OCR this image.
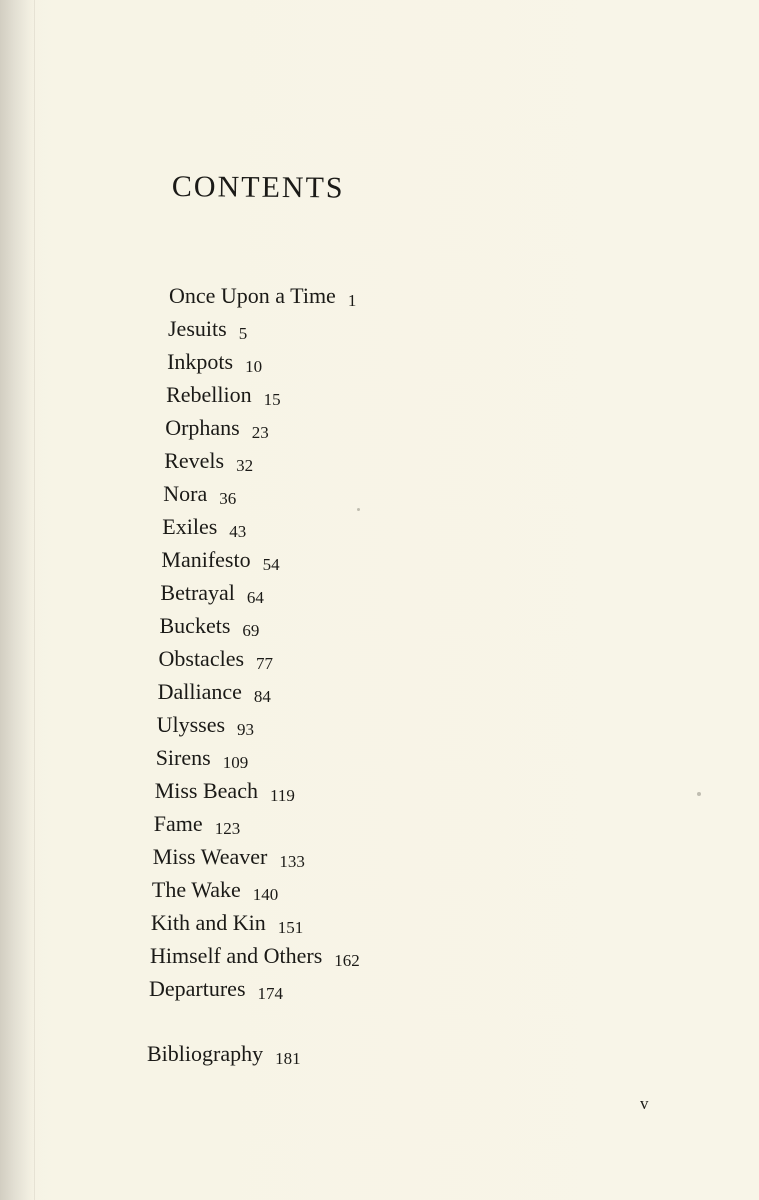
CONTENTS
Once Upon a Time 1
Jesuits 5
Inkpots 10
Rebellion 15
Orphans 23
Revels 32
Nora 36
Exiles 43
Manifesto 54
Betrayal 64
Buckets 69
Obstacles 77
Dalliance 84
Ulysses 93
Sirens 109
Miss Beach 119
Fame 123
Miss Weaver 133
The Wake 140
Kith and Kin 151
Himself and Others 162
Departures 174
Bibliography 181
v
